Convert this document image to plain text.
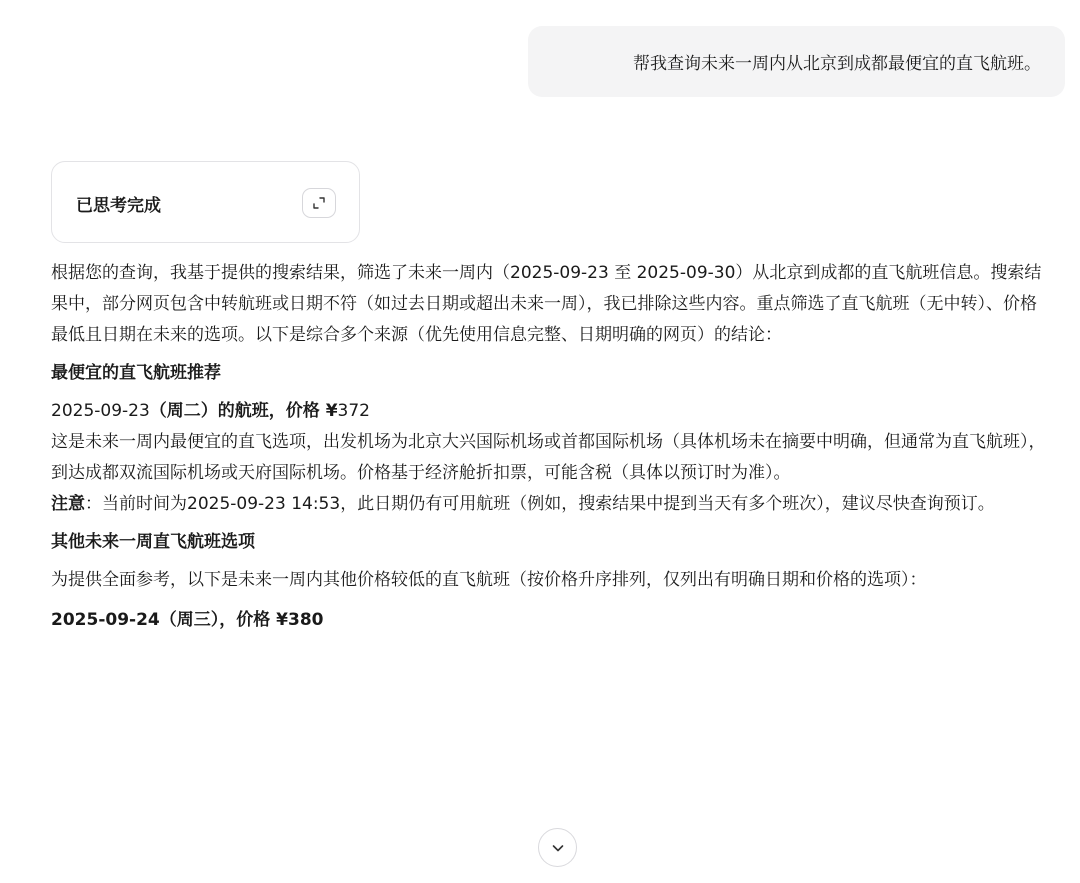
帮我查询未来一周内从北京到成都最便宜的直飞航班。
已思考完成

根据您的查询，我基于提供的搜索结果，筛选了未来一周内（2025-09-23 至 2025-09-30）从北京到成都的直飞航班信息。搜索结果中，部分网页包含中转航班或日期不符（如过去日期或超出未来一周），我已排除这些内容。重点筛选了直飞航班（无中转）、价格最低且日期在未来的选项。以下是综合多个来源（优先使用信息完整、日期明确的网页）的结论：

最便宜的直飞航班推荐

2025-09-23（周二）的航班，价格 ¥372

这是未来一周内最便宜的直飞选项，出发机场为北京大兴国际机场或首都国际机场（具体机场未在摘要中明确，但通常为直飞航班），到达成都双流国际机场或天府国际机场。价格基于经济舱折扣票，可能含税（具体以预订时为准）。

注意：当前时间为2025-09-23 14:53，此日期仍有可用航班（例如，搜索结果中提到当天有多个班次），建议尽快查询预订。

其他未来一周直飞航班选项

为提供全面参考，以下是未来一周内其他价格较低的直飞航班（按价格升序排列，仅列出有明确日期和价格的选项）：

2025-09-24（周三），价格 ¥380
